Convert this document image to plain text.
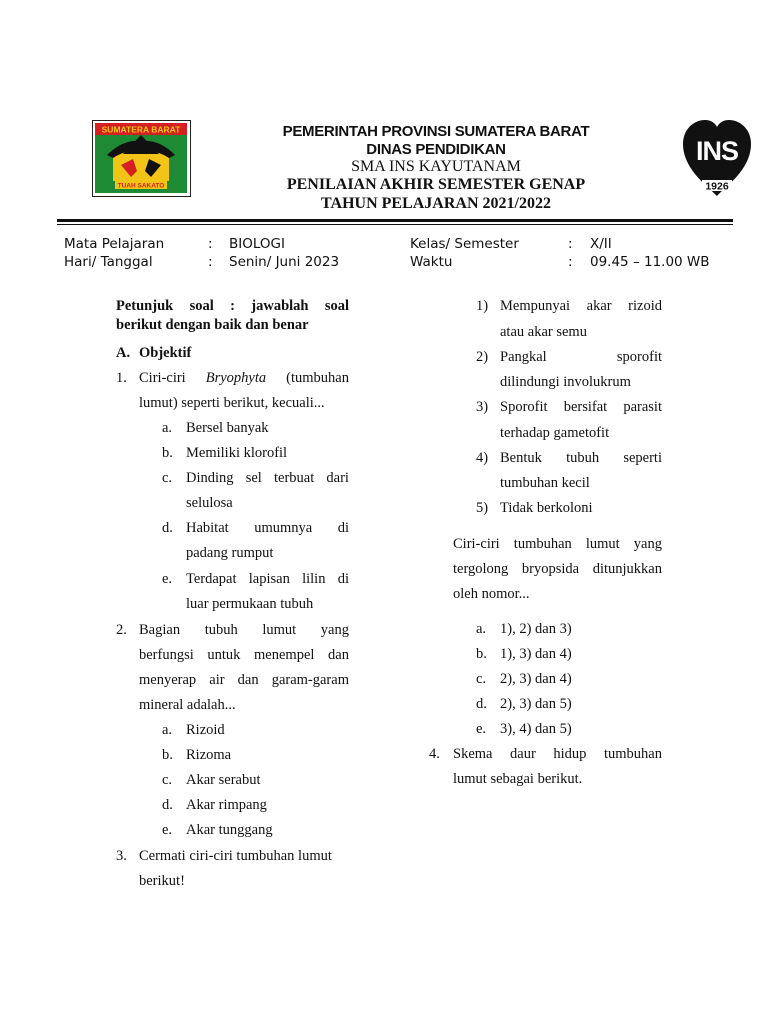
SUMATERA BARAT
TUAH SAKATO
PEMERINTAH PROVINSI SUMATERA BARAT
DINAS PENDIDIKAN
SMA INS KAYUTANAM
PENILAIAN AKHIR SEMESTER GENAP
TAHUN PELAJARAN 2021/2022
INS
1926
Mata Pelajaran	: BIOLOGI	Kelas/ Semester	: X/II
Hari/ Tanggal	: Senin/ Juni 2023	Waktu	: 09.45 – 11.00 WB
Petunjuk soal : jawablah soal
berikut dengan baik dan benar
A. Objektif
1. Ciri-ciri Bryophyta (tumbuhan
lumut) seperti berikut, kecuali...
a. Bersel banyak
b. Memiliki klorofil
c. Dinding sel terbuat dari
selulosa
d. Habitat umumnya di
padang rumput
e. Terdapat lapisan lilin di
luar permukaan tubuh
2. Bagian tubuh lumut yang
berfungsi untuk menempel dan
menyerap air dan garam-garam
mineral adalah...
a. Rizoid
b. Rizoma
c. Akar serabut
d. Akar rimpang
e. Akar tunggang
3. Cermati ciri-ciri tumbuhan lumut
berikut!
1) Mempunyai akar rizoid
atau akar semu
2) Pangkal	sporofit
dilindungi involukrum
3) Sporofit bersifat parasit
terhadap gametofit
4) Bentuk tubuh seperti
tumbuhan kecil
5) Tidak berkoloni
Ciri-ciri tumbuhan lumut yang
tergolong bryopsida ditunjukkan
oleh nomor...
a. 1), 2) dan 3)
b. 1), 3) dan 4)
c. 2), 3) dan 4)
d. 2), 3) dan 5)
e. 3), 4) dan 5)
4. Skema daur hidup tumbuhan
lumut sebagai berikut.
